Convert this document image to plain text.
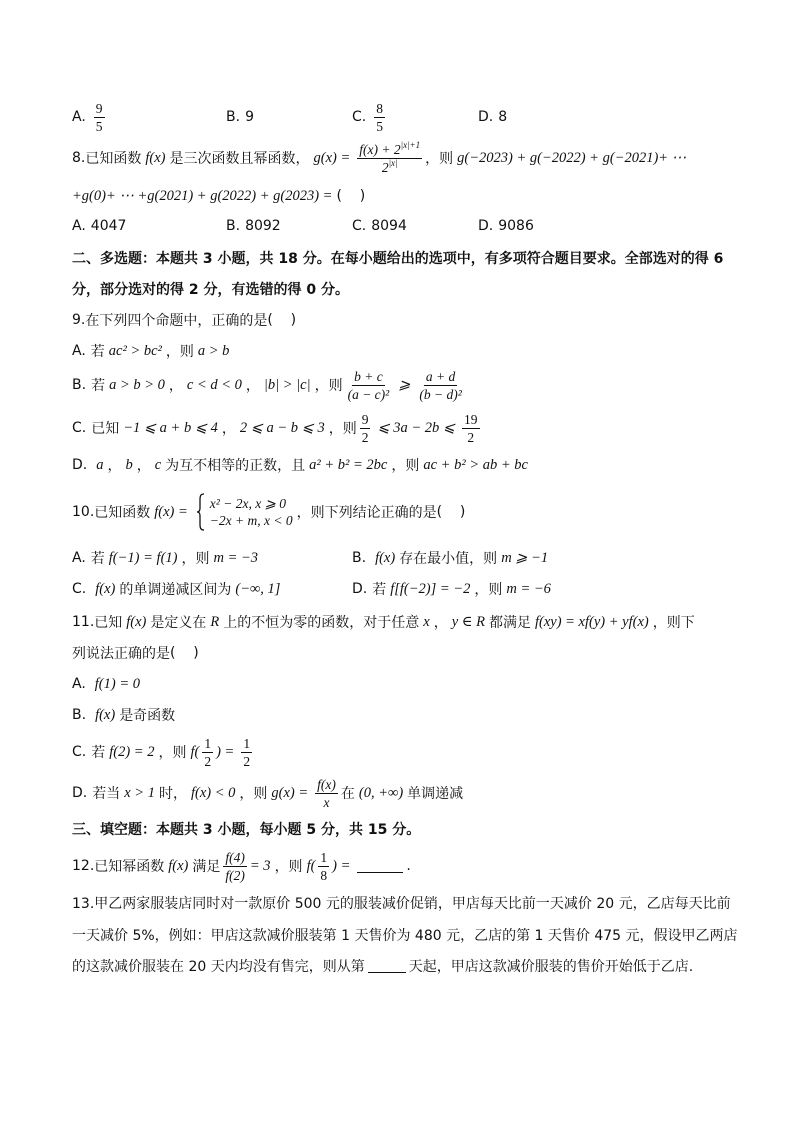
A. $\frac{9}{5}$	B. 9	C. $\frac{8}{5}$	D. 8
8. 已知函数 f(x) 是三次函数且幂函数， $g(x) = \frac{f(x) + 2^{|x|+1}}{2^{|x|}}$ ，则 g(−2023) + g(−2022) + g(−2021)+ ⋯
+g(0)+ ⋯ +g(2021) + g(2022) + g(2023) = (    )
A. 4047	B. 8092	C. 8094	D. 9086
二、多选题：本题共 3 小题，共 18 分。在每小题给出的选项中，有多项符合题目要求。全部选对的得 6
分，部分选对的得 2 分，有选错的得 0 分。
9. 在下列四个命题中，正确的是 (    )
A. 若 ac² > bc² ，则 a > b
B. 若 a > b > 0 ， c < d < 0 ， |b| > |c| ，则 $\frac{b + c}{\text{(a − c)²}}$ ⩾ $\frac{a + d}{\text{(b − d)²}}$
C. 已知 −1 ⩽ a + b ⩽ 4 ， 2 ⩽ a − b ⩽ 3 ，则 $\frac{9}{2}$ ⩽ 3a − 2b ⩽ $\frac{19}{2}$
D. a ， b ， c 为互不相等的正数，且 a² + b² = 2bc ，则 ac + b² > ab + bc
10. 已知函数 f(x) = x² − 2x, x ⩾ 0
−2x + m, x < 0 ，则下列结论正确的是 (    )
A. 若 f(−1) = f(1) ，则 m = −3	B. f(x) 存在最小值，则 m ⩾ −1
C. f(x) 的单调递减区间为 (−∞, 1]	D. 若 f[f(−2)] = −2 ，则 m = −6
11. 已知 f(x) 是定义在 R 上的不恒为零的函数，对于任意 x ， y ∈ R 都满足 f(xy) = xf(y) + yf(x) ，则下
列说法正确的是 (    )
A. f(1) = 0
B. f(x) 是奇函数
C. 若 f(2) = 2 ，则 $f( \frac{1}{2}$ ) = $\frac{1}{2}$
D. 若当 x > 1 时， f(x) < 0 ，则 $g(x) = \frac{f(x)}{x}$ 在 (0, +∞) 单调递减
三、填空题：本题共 3 小题，每小题 5 分，共 15 分。
12. 已知幂函数 f(x) 满足 $\frac{f(4)}{f(2)} = 3$ ，则 $f( \frac{1}{8}$ ) =	.
13.甲乙两家服装店同时对一款原价 500 元的服装减价促销，甲店每天比前一天减价 20 元，乙店每天比前
一天减价 5%，例如：甲店这款减价服装第 1 天售价为 480 元，乙店的第 1 天售价 475 元，假设甲乙两店
的这款减价服装在 20 天内均没有售完，则从第	天起，甲店这款减价服装的售价开始低于乙店.
